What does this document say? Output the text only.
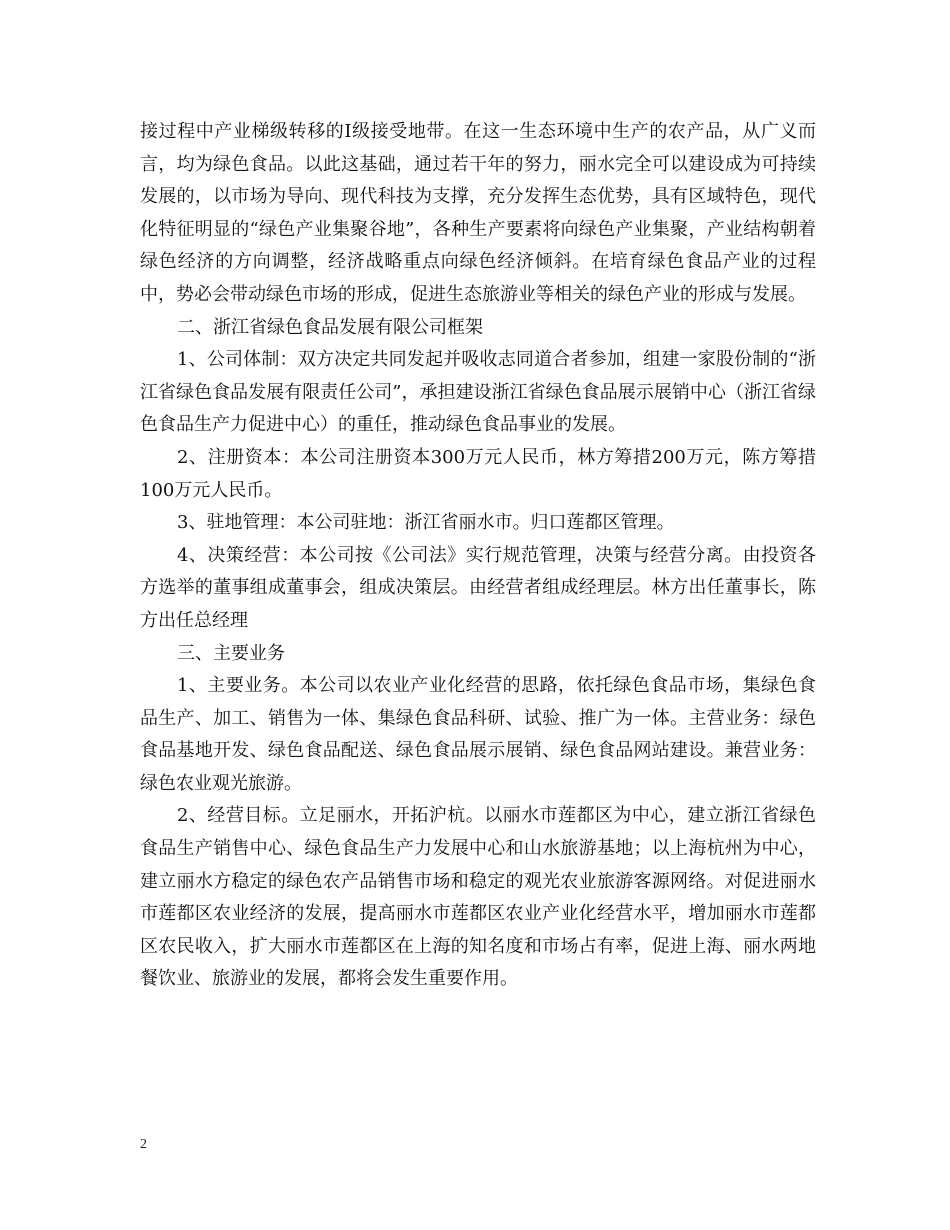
接过程中产业梯级转移的Ⅰ级接受地带。在这一生态环境中生产的农产品，从广义而言，均为绿色食品。以此这基础，通过若干年的努力，丽水完全可以建设成为可持续发展的，以市场为导向、现代科技为支撑，充分发挥生态优势，具有区域特色，现代化特征明显的“绿色产业集聚谷地”，各种生产要素将向绿色产业集聚，产业结构朝着绿色经济的方向调整，经济战略重点向绿色经济倾斜。在培育绿色食品产业的过程中，势必会带动绿色市场的形成，促进生态旅游业等相关的绿色产业的形成与发展。

二、浙江省绿色食品发展有限公司框架

1、公司体制：双方决定共同发起并吸收志同道合者参加，组建一家股份制的“浙江省绿色食品发展有限责任公司”，承担建设浙江省绿色食品展示展销中心（浙江省绿色食品生产力促进中心）的重任，推动绿色食品事业的发展。

2、注册资本：本公司注册资本300万元人民币，林方筹措200万元，陈方筹措100万元人民币。

3、驻地管理：本公司驻地：浙江省丽水市。归口莲都区管理。

4、决策经营：本公司按《公司法》实行规范管理，决策与经营分离。由投资各方选举的董事组成董事会，组成决策层。由经营者组成经理层。林方出任董事长，陈方出任总经理

三、主要业务

1、主要业务。本公司以农业产业化经营的思路，依托绿色食品市场，集绿色食品生产、加工、销售为一体、集绿色食品科研、试验、推广为一体。主营业务：绿色食品基地开发、绿色食品配送、绿色食品展示展销、绿色食品网站建设。兼营业务：绿色农业观光旅游。

2、经营目标。立足丽水，开拓沪杭。以丽水市莲都区为中心，建立浙江省绿色食品生产销售中心、绿色食品生产力发展中心和山水旅游基地；以上海杭州为中心，建立丽水方稳定的绿色农产品销售市场和稳定的观光农业旅游客源网络。对促进丽水市莲都区农业经济的发展，提高丽水市莲都区农业产业化经营水平，增加丽水市莲都区农民收入，扩大丽水市莲都区在上海的知名度和市场占有率，促进上海、丽水两地餐饮业、旅游业的发展，都将会发生重要作用。

2
